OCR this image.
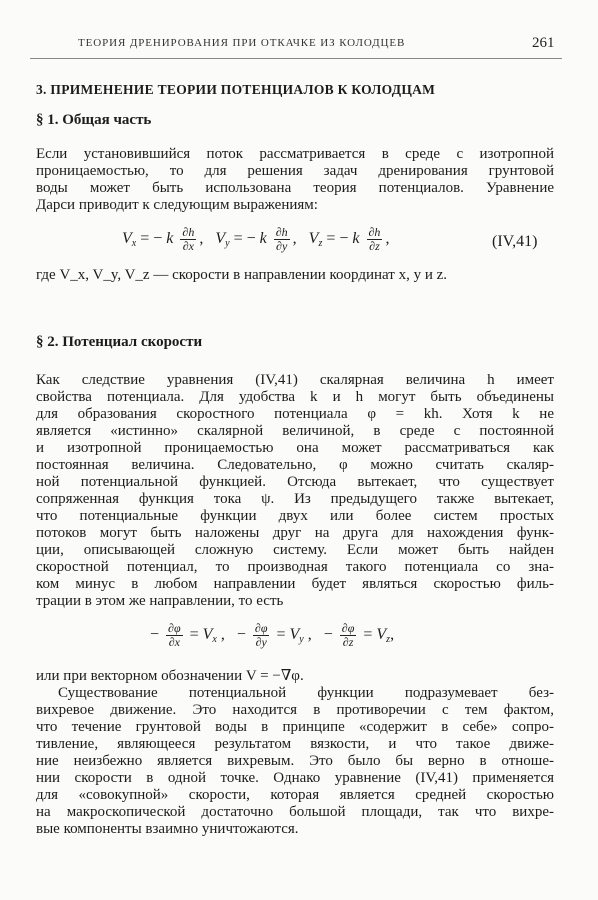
ТЕОРИЯ ДРЕНИРОВАНИЯ ПРИ ОТКАЧКЕ ИЗ КОЛОДЦЕВ	261
3. ПРИМЕНЕНИЕ ТЕОРИИ ПОТЕНЦИАЛОВ К КОЛОДЦАМ
§ 1. Общая часть
Если установившийся поток рассматривается в среде с изотропной
проницаемостью, то для решения задач дренирования грунтовой
воды может быть использована теория потенциалов. Уравнение
Дарси приводит к следующим выражениям:
$V_x$ = − k $\frac{\partial h}{\partial x}$ ,   $V_y$ = − k $\frac{\partial h}{\partial y}$ ,   $V_z$ = − k $\frac{\partial h}{\partial z}$ ,	(IV,41)
где V_x, V_y, V_z — скорости в направлении координат x, y и z.
§ 2. Потенциал скорости
Как следствие уравнения (IV,41) скалярная величина h имеет
свойства потенциала. Для удобства k и h могут быть объединены
для образования скоростного потенциала φ = kh. Хотя k не
является «истинно» скалярной величиной, в среде с постоянной
и изотропной проницаемостью она может рассматриваться как
постоянная величина. Следовательно, φ можно считать скаляр-
ной потенциальной функцией. Отсюда вытекает, что существует
сопряженная функция тока ψ. Из предыдущего также вытекает,
что потенциальные функции двух или более систем простых
потоков могут быть наложены друг на друга для нахождения функ-
ции, описывающей сложную систему. Если может быть найден
скоростной потенциал, то производная такого потенциала со зна-
ком минус в любом направлении будет являться скоростью филь-
трации в этом же направлении, то есть
− $\frac{\partial\varphi}{\partial x} = V_x$ ,   − $\frac{\partial\varphi}{\partial y} = V_y$ ,   − $\frac{\partial\varphi}{\partial z} = V_z$,
или при векторном обозначении V = −∇φ.
Существование потенциальной функции подразумевает без-
вихревое движение. Это находится в противоречии с тем фактом,
что течение грунтовой воды в принципе «содержит в себе» сопро-
тивление, являющееся результатом вязкости, и что такое движе-
ние неизбежно является вихревым. Это было бы верно в отноше-
нии скорости в одной точке. Однако уравнение (IV,41) применяется
для «совокупной» скорости, которая является средней скоростью
на макроскопической достаточно большой площади, так что вихре-
вые компоненты взаимно уничтожаются.
